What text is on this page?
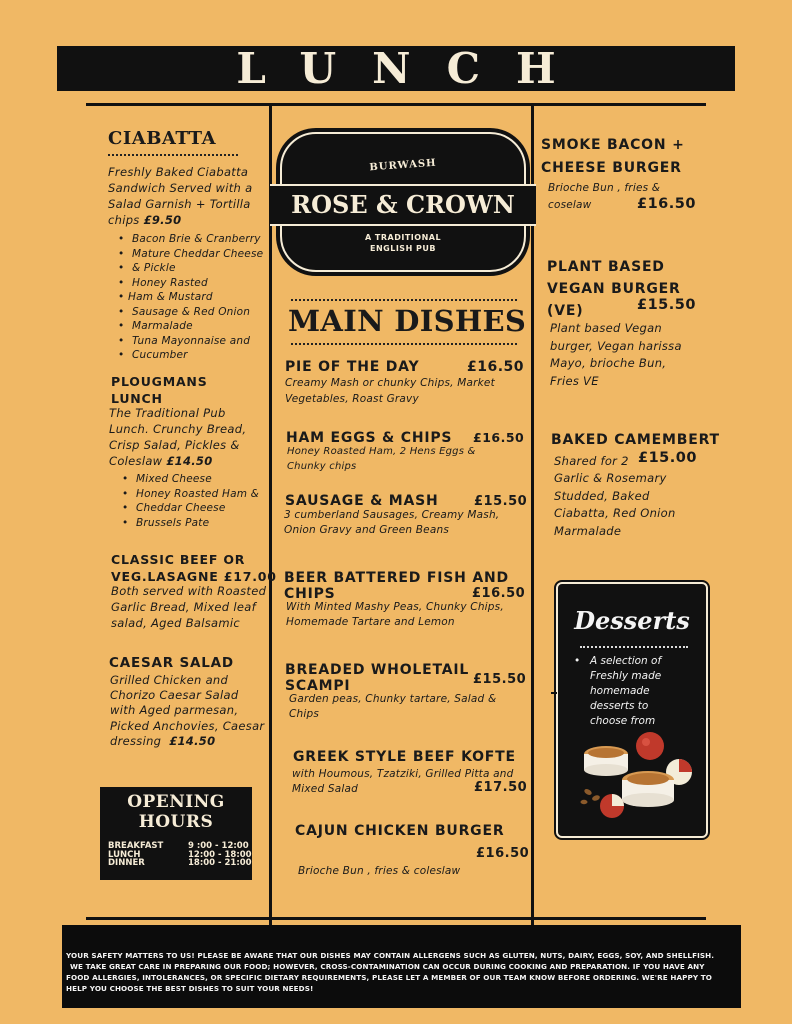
LUNCH
CIABATTA
Freshly Baked Ciabatta
Sandwich Served with a
Salad Garnish + Tortilla
chips £9.50
• Bacon Brie & Cranberry
• Mature Cheddar Cheese
• & Pickle
• Honey Rasted
• Ham & Mustard
• Sausage & Red Onion
• Marmalade
• Tuna Mayonnaise and
• Cucumber
PLOUGMANS
LUNCH
The Traditional Pub
Lunch. Crunchy Bread,
Crisp Salad, Pickles &
Coleslaw £14.50
• Mixed Cheese
• Honey Roasted Ham &
• Cheddar Cheese
• Brussels Pate
CLASSIC BEEF OR
VEG.LASAGNE £17.00
Both served with Roasted
Garlic Bread, Mixed leaf
salad, Aged Balsamic
CAESAR SALAD
Grilled Chicken and
Chorizo Caesar Salad
with Aged parmesan,
Picked Anchovies, Caesar
dressing £14.50
OPENING
HOURS
BREAKFAST	9 :00 - 12:00
LUNCH	12:00 - 18:00
DINNER	18:00 - 21:00
BURWASH
ROSE & CROWN
A TRADITIONAL
ENGLISH PUB
MAIN DISHES
PIE OF THE DAY	£16.50
Creamy Mash or chunky Chips, Market
Vegetables, Roast Gravy
HAM EGGS & CHIPS £16.50
Honey Roasted Ham, 2 Hens Eggs &
Chunky chips
SAUSAGE & MASH	£15.50
3 cumberland Sausages, Creamy Mash,
Onion Gravy and Green Beans
BEER BATTERED FISH AND
CHIPS	£16.50
With Minted Mashy Peas, Chunky Chips,
Homemade Tartare and Lemon
BREADED WHOLETAIL
SCAMPI	£15.50
Garden peas, Chunky tartare, Salad &
Chips
GREEK STYLE BEEF KOFTE
with Houmous, Tzatziki, Grilled Pitta and
Mixed Salad	£17.50
CAJUN CHICKEN BURGER
£16.50
Brioche Bun , fries & coleslaw
SMOKE BACON +
CHEESE BURGER
Brioche Bun , fries &
coselaw	£16.50
PLANT BASED
VEGAN BURGER
(VE)	£15.50
Plant based Vegan
burger, Vegan harissa
Mayo, brioche Bun,
Fries VE
BAKED CAMEMBERT
Shared for 2 £15.00
Garlic & Rosemary
Studded, Baked
Ciabatta, Red Onion
Marmalade
Desserts
• A selection of
Freshly made
homemade
desserts to
choose from
YOUR SAFETY MATTERS TO US! PLEASE BE AWARE THAT OUR DISHES MAY CONTAIN ALLERGENS SUCH AS GLUTEN, NUTS, DAIRY, EGGS, SOY, AND SHELLFISH.
WE TAKE GREAT CARE IN PREPARING OUR FOOD; HOWEVER, CROSS-CONTAMINATION CAN OCCUR DURING COOKING AND PREPARATION. IF YOU HAVE ANY
FOOD ALLERGIES, INTOLERANCES, OR SPECIFIC DIETARY REQUIREMENTS, PLEASE LET A MEMBER OF OUR TEAM KNOW BEFORE ORDERING. WE'RE HAPPY TO
HELP YOU CHOOSE THE BEST DISHES TO SUIT YOUR NEEDS!
